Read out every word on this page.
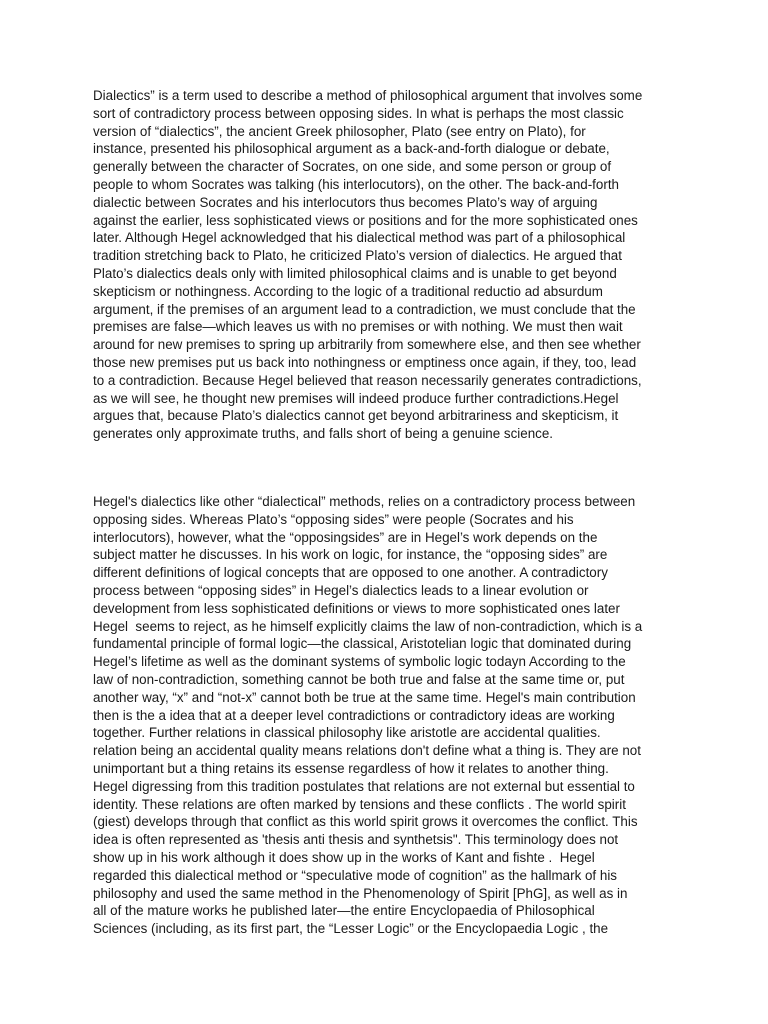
Dialectics” is a term used to describe a method of philosophical argument that involves some
sort of contradictory process between opposing sides. In what is perhaps the most classic
version of “dialectics”, the ancient Greek philosopher, Plato (see entry on Plato), for
instance, presented his philosophical argument as a back-and-forth dialogue or debate,
generally between the character of Socrates, on one side, and some person or group of
people to whom Socrates was talking (his interlocutors), on the other. The back-and-forth
dialectic between Socrates and his interlocutors thus becomes Plato’s way of arguing
against the earlier, less sophisticated views or positions and for the more sophisticated ones
later. Although Hegel acknowledged that his dialectical method was part of a philosophical
tradition stretching back to Plato, he criticized Plato’s version of dialectics. He argued that
Plato’s dialectics deals only with limited philosophical claims and is unable to get beyond
skepticism or nothingness. According to the logic of a traditional reductio ad absurdum
argument, if the premises of an argument lead to a contradiction, we must conclude that the
premises are false—which leaves us with no premises or with nothing. We must then wait
around for new premises to spring up arbitrarily from somewhere else, and then see whether
those new premises put us back into nothingness or emptiness once again, if they, too, lead
to a contradiction. Because Hegel believed that reason necessarily generates contradictions,
as we will see, he thought new premises will indeed produce further contradictions.Hegel
argues that, because Plato’s dialectics cannot get beyond arbitrariness and skepticism, it
generates only approximate truths, and falls short of being a genuine science.
Hegel's dialectics like other “dialectical” methods, relies on a contradictory process between
opposing sides. Whereas Plato’s “opposing sides” were people (Socrates and his
interlocutors), however, what the “opposingsides” are in Hegel’s work depends on the
subject matter he discusses. In his work on logic, for instance, the “opposing sides” are
different definitions of logical concepts that are opposed to one another. A contradictory
process between “opposing sides” in Hegel’s dialectics leads to a linear evolution or
development from less sophisticated definitions or views to more sophisticated ones later
Hegel  seems to reject, as he himself explicitly claims the law of non-contradiction, which is a
fundamental principle of formal logic—the classical, Aristotelian logic that dominated during
Hegel’s lifetime as well as the dominant systems of symbolic logic todayn According to the
law of non-contradiction, something cannot be both true and false at the same time or, put
another way, “x” and “not-x” cannot both be true at the same time. Hegel's main contribution
then is the a idea that at a deeper level contradictions or contradictory ideas are working
together. Further relations in classical philosophy like aristotle are accidental qualities.
relation being an accidental quality means relations don't define what a thing is. They are not
unimportant but a thing retains its essense regardless of how it relates to another thing.
Hegel digressing from this tradition postulates that relations are not external but essential to
identity. These relations are often marked by tensions and these conflicts . The world spirit
(giest) develops through that conflict as this world spirit grows it overcomes the conflict. This
idea is often represented as 'thesis anti thesis and synthetsis". This terminology does not
show up in his work although it does show up in the works of Kant and fishte .  Hegel
regarded this dialectical method or “speculative mode of cognition” as the hallmark of his
philosophy and used the same method in the Phenomenology of Spirit [PhG], as well as in
all of the mature works he published later—the entire Encyclopaedia of Philosophical
Sciences (including, as its first part, the “Lesser Logic” or the Encyclopaedia Logic , the
